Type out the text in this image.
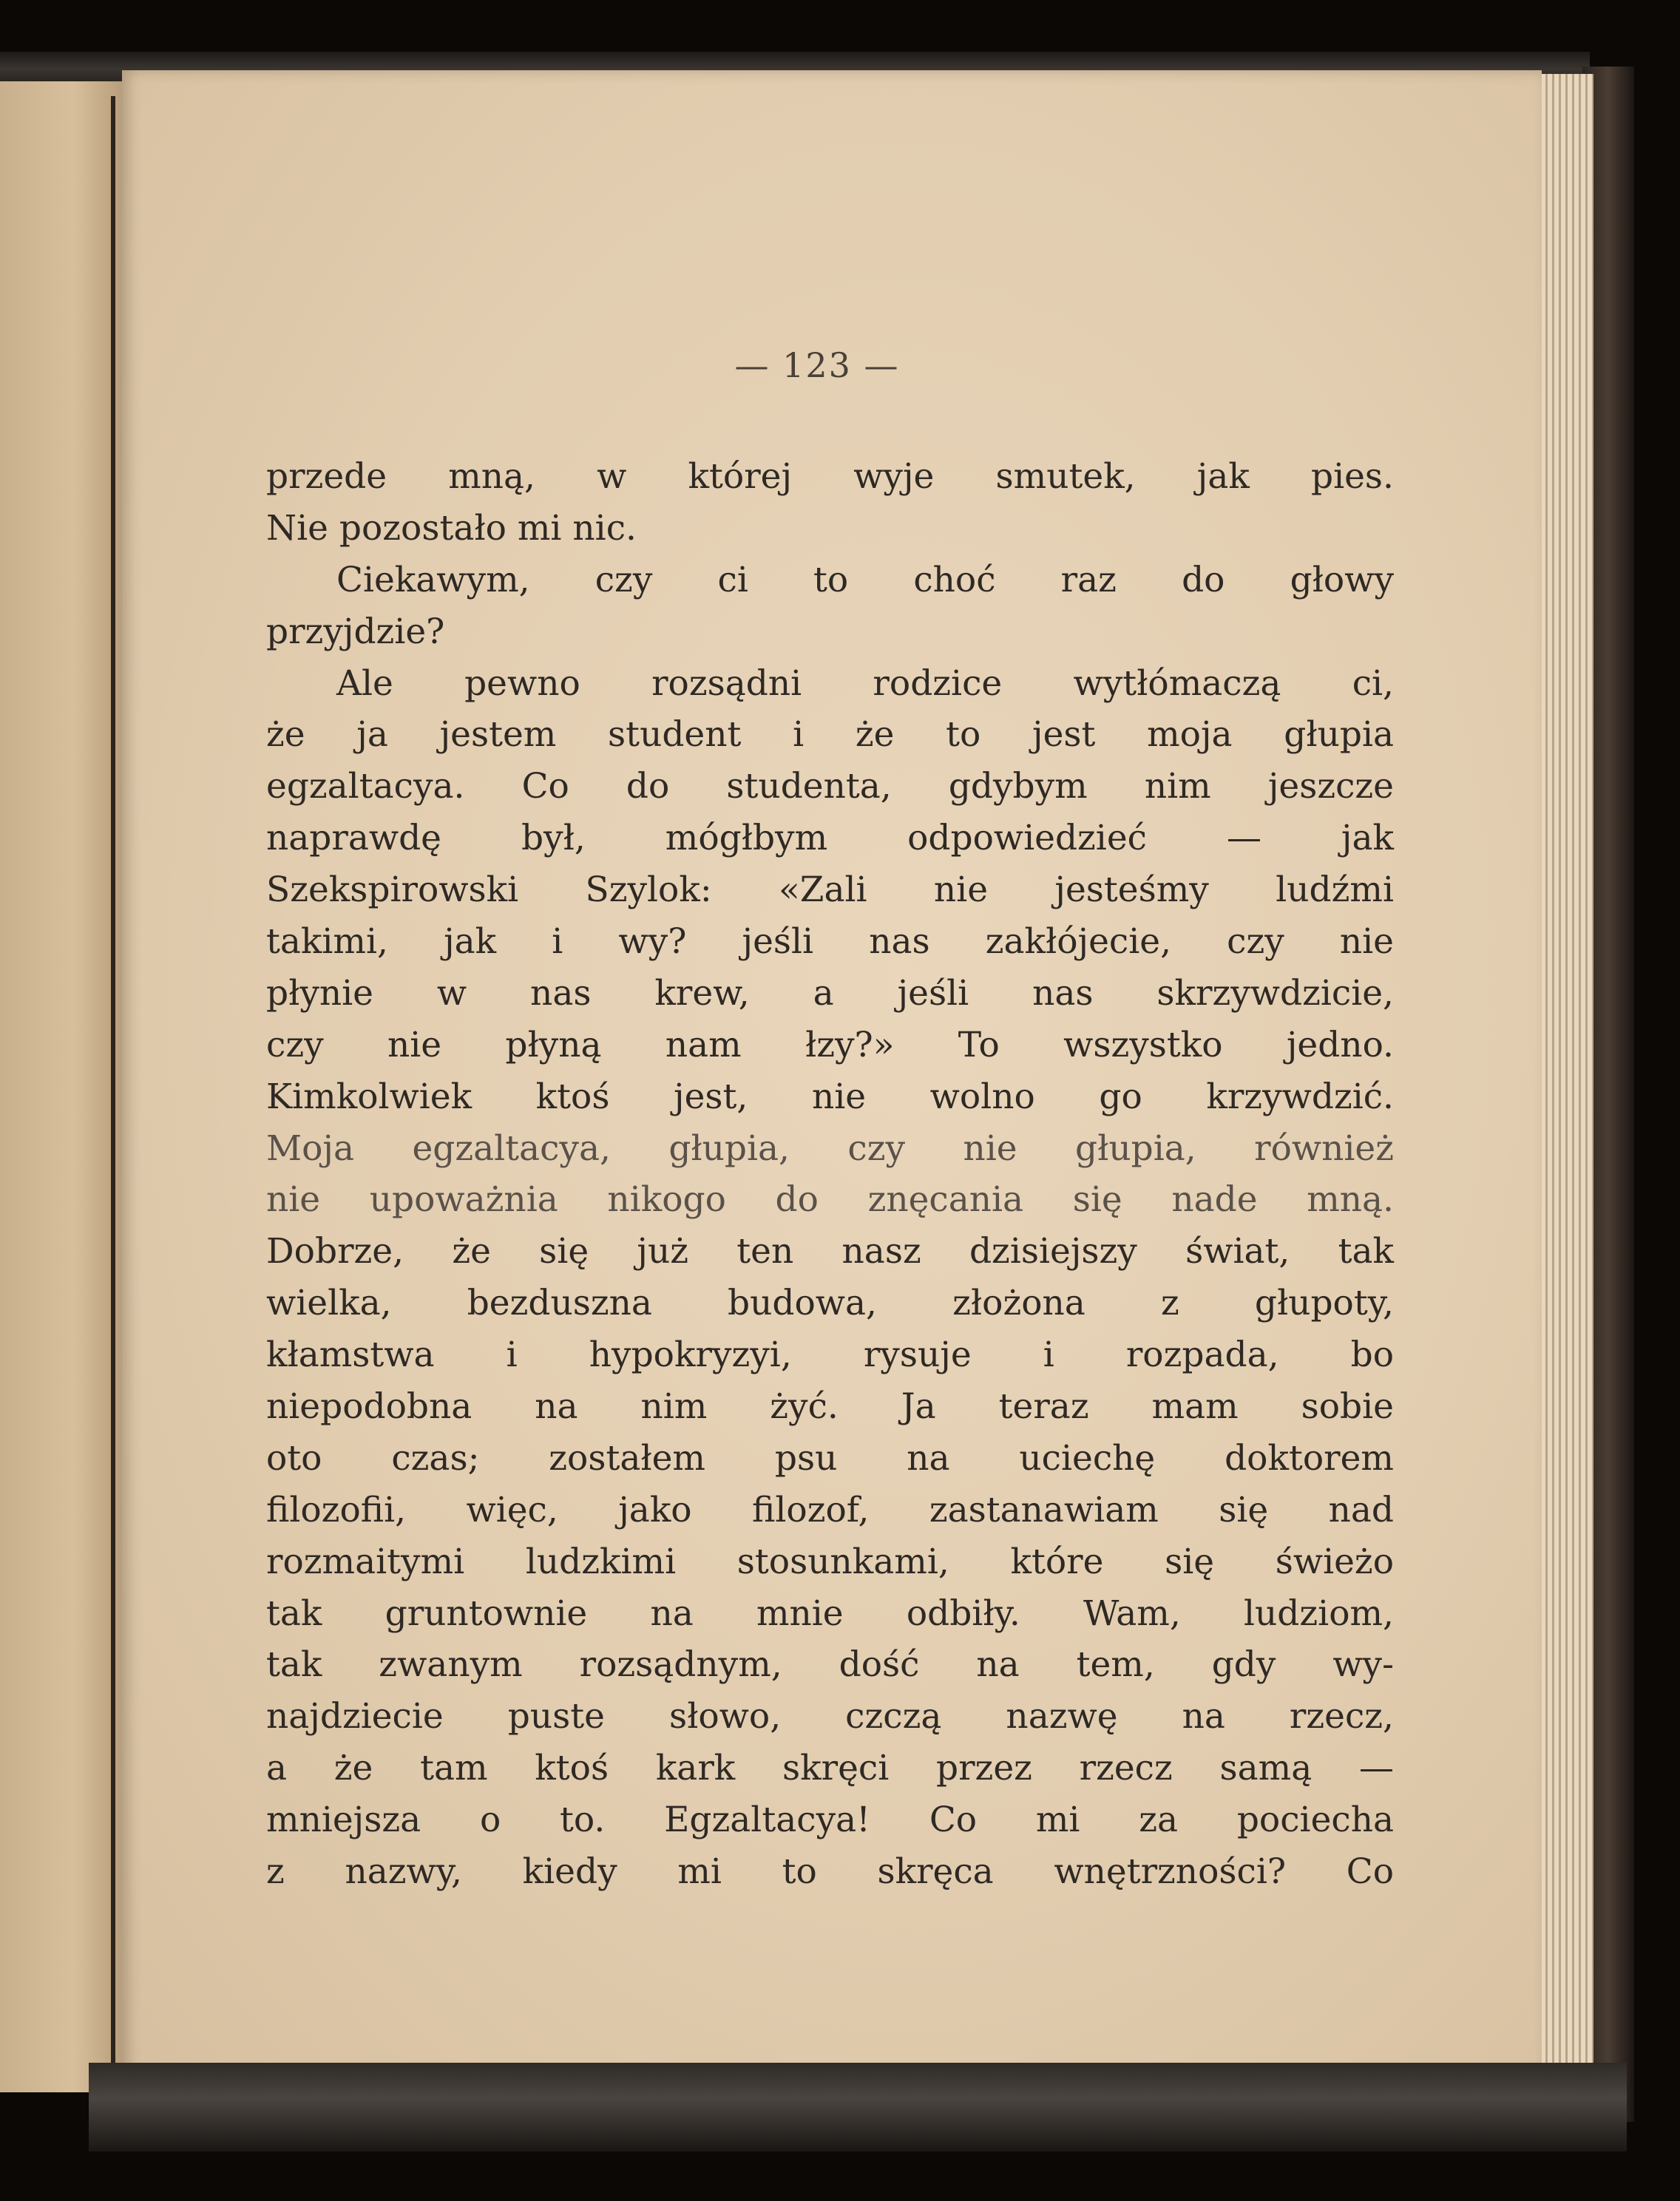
— 123 —
przede mną, w której wyje smutek, jak pies.
Nie pozostało mi nic.
Ciekawym, czy ci to choć raz do głowy
przyjdzie?
Ale pewno rozsądni rodzice wytłómaczą ci,
że ja jestem student i że to jest moja głupia
egzaltacya. Co do studenta, gdybym nim jeszcze
naprawdę był, mógłbym odpowiedzieć — jak
Szekspirowski Szylok: «Zali nie jesteśmy ludźmi
takimi, jak i wy? jeśli nas zakłójecie, czy nie
płynie w nas krew, a jeśli nas skrzywdzicie,
czy nie płyną nam łzy?» To wszystko jedno.
Kimkolwiek ktoś jest, nie wolno go krzywdzić.
Moja egzaltacya, głupia, czy nie głupia, również
nie upoważnia nikogo do znęcania się nade mną.
Dobrze, że się już ten nasz dzisiejszy świat, tak
wielka, bezduszna budowa, złożona z głupoty,
kłamstwa i hypokryzyi, rysuje i rozpada, bo
niepodobna na nim żyć. Ja teraz mam sobie
oto czas; zostałem psu na uciechę doktorem
filozofii, więc, jako filozof, zastanawiam się nad
rozmaitymi ludzkimi stosunkami, które się świeżo
tak gruntownie na mnie odbiły. Wam, ludziom,
tak zwanym rozsądnym, dość na tem, gdy wy-
najdziecie puste słowo, czczą nazwę na rzecz,
a że tam ktoś kark skręci przez rzecz samą —
mniejsza o to. Egzaltacya! Co mi za pociecha
z nazwy, kiedy mi to skręca wnętrzności? Co
